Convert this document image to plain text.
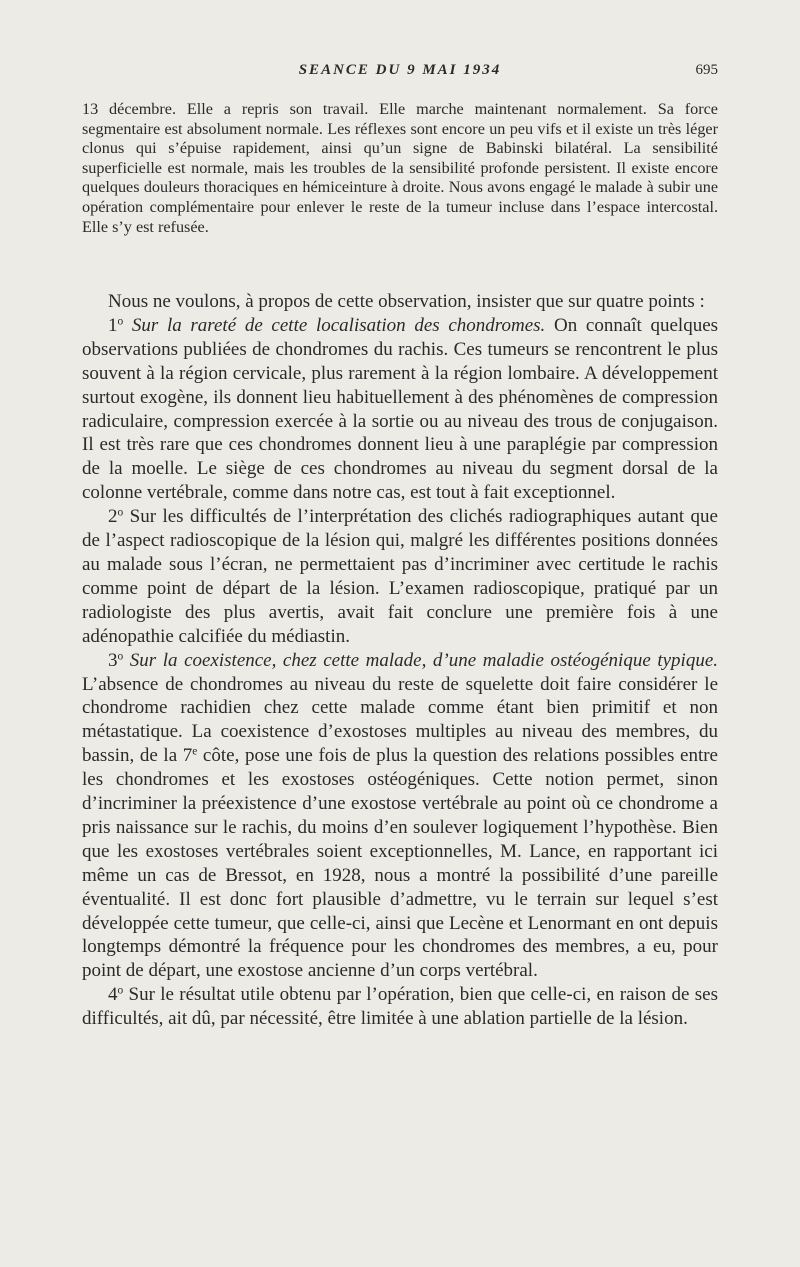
SEANCE DU 9 MAI 1934	695
13 décembre. Elle a repris son travail. Elle marche maintenant normalement. Sa force segmentaire est absolument normale. Les réflexes sont encore un peu vifs et il existe un très léger clonus qui s’épuise rapidement, ainsi qu’un signe de Babinski bilatéral. La sensibilité superficielle est normale, mais les troubles de la sensibilité profonde persistent. Il existe encore quelques douleurs thoraciques en hémiceinture à droite. Nous avons engagé le malade à subir une opération complémentaire pour enlever le reste de la tumeur incluse dans l’espace intercostal. Elle s’y est refusée.

Nous ne voulons, à propos de cette observation, insister que sur quatre points :

1$^o$ Sur la rareté de cette localisation des chondromes. On connaît quelques observations publiées de chondromes du rachis. Ces tumeurs se rencontrent le plus souvent à la région cervicale, plus rarement à la région lombaire. A développement surtout exogène, ils donnent lieu habituellement à des phénomènes de compression radiculaire, compression exercée à la sortie ou au niveau des trous de conjugaison. Il est très rare que ces chondromes donnent lieu à une paraplégie par compression de la moelle. Le siège de ces chondromes au niveau du segment dorsal de la colonne vertébrale, comme dans notre cas, est tout à fait exceptionnel.

2$^o$ Sur les difficultés de l’interprétation des clichés radiographiques autant que de l’aspect radioscopique de la lésion qui, malgré les différentes positions données au malade sous l’écran, ne permettaient pas d’incriminer avec certitude le rachis comme point de départ de la lésion. L’examen radioscopique, pratiqué par un radiologiste des plus avertis, avait fait conclure une première fois à une adénopathie calcifiée du médiastin.

3$^o$ Sur la coexistence, chez cette malade, d’une maladie ostéogénique typique. L’absence de chondromes au niveau du reste de squelette doit faire considérer le chondrome rachidien chez cette malade comme étant bien primitif et non métastatique. La coexistence d’exostoses multiples au niveau des membres, du bassin, de la 7e côte, pose une fois de plus la question des relations possibles entre les chondromes et les exostoses ostéogéniques. Cette notion permet, sinon d’incriminer la préexistence d’une exostose vertébrale au point où ce chondrome a pris naissance sur le rachis, du moins d’en soulever logiquement l’hypothèse. Bien que les exostoses vertébrales soient exceptionnelles, M. Lance, en rapportant ici même un cas de Bressot, en 1928, nous a montré la possibilité d’une pareille éventualité. Il est donc fort plausible d’admettre, vu le terrain sur lequel s’est développée cette tumeur, que celle-ci, ainsi que Lecène et Lenormant en ont depuis longtemps démontré la fréquence pour les chondromes des membres, a eu, pour point de départ, une exostose ancienne d’un corps vertébral.

4$^o$ Sur le résultat utile obtenu par l’opération, bien que celle-ci, en raison de ses difficultés, ait dû, par nécessité, être limitée à une ablation partielle de la lésion.
